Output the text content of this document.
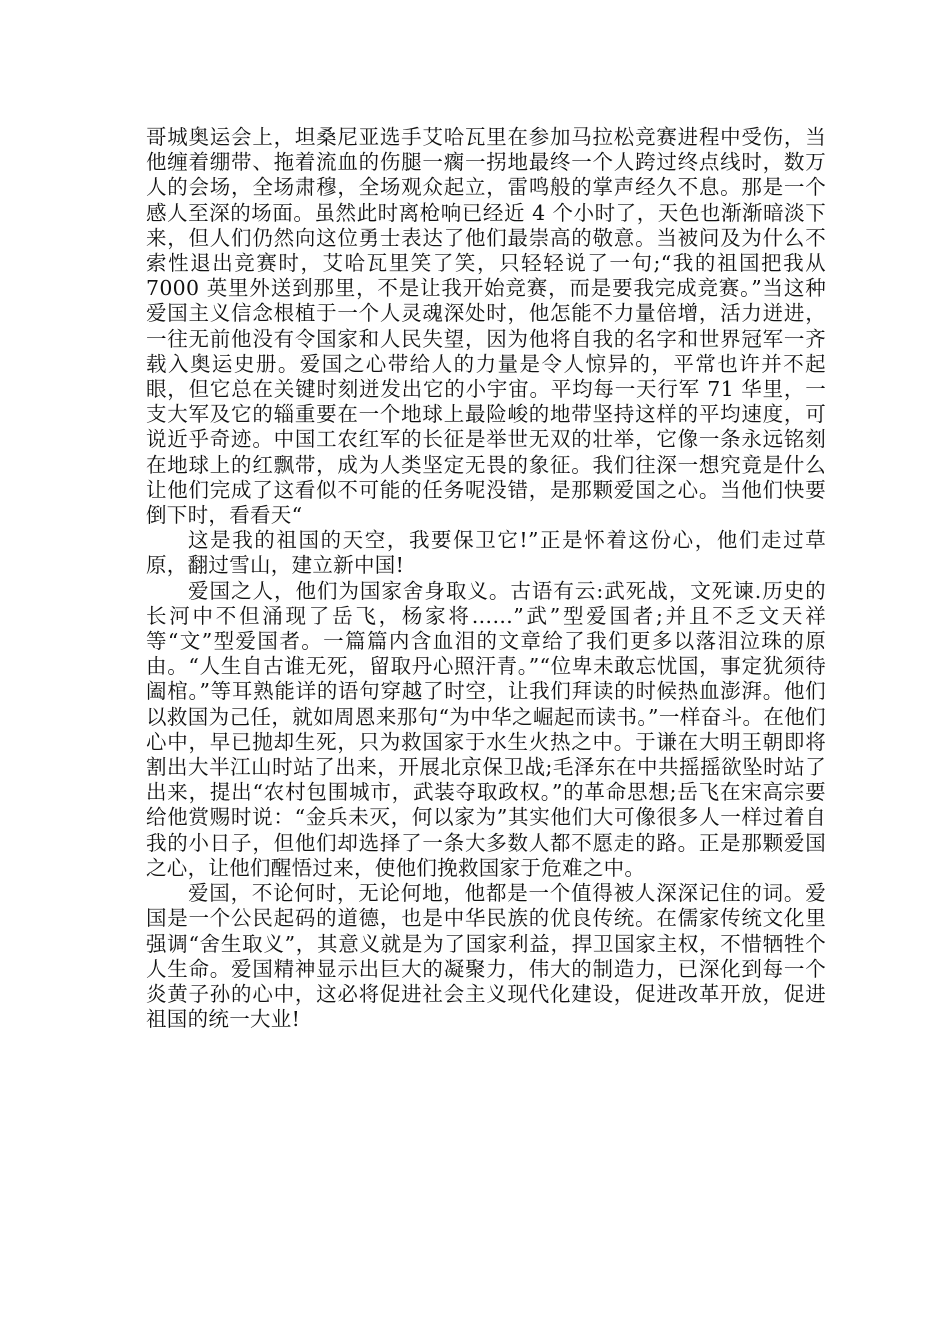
哥城奥运会上，坦桑尼亚选手艾哈瓦里在参加马拉松竞赛进程中受伤，当他缠着绷带、拖着流血的伤腿一瘸一拐地最终一个人跨过终点线时，数万人的会场，全场肃穆，全场观众起立，雷鸣般的掌声经久不息。那是一个感人至深的场面。虽然此时离枪响已经近 4 个小时了，天色也渐渐暗淡下来，但人们仍然向这位勇士表达了他们最崇高的敬意。当被问及为什么不索性退出竞赛时，艾哈瓦里笑了笑，只轻轻说了一句;“我的祖国把我从 7000 英里外送到那里，不是让我开始竞赛，而是要我完成竞赛。”当这种爱国主义信念根植于一个人灵魂深处时，他怎能不力量倍增，活力迸进，一往无前他没有令国家和人民失望，因为他将自我的名字和世界冠军一齐载入奥运史册。爱国之心带给人的力量是令人惊异的，平常也许并不起眼，但它总在关键时刻迸发出它的小宇宙。平均每一天行军 71 华里，一支大军及它的辎重要在一个地球上最险峻的地带坚持这样的平均速度，可说近乎奇迹。中国工农红军的长征是举世无双的壮举，它像一条永远铭刻在地球上的红飘带，成为人类坚定无畏的象征。我们往深一想究竟是什么让他们完成了这看似不可能的任务呢没错，是那颗爱国之心。当他们快要倒下时，看看天“

这是我的祖国的天空，我要保卫它!”正是怀着这份心，他们走过草原，翻过雪山，建立新中国!

爱国之人，他们为国家舍身取义。古语有云:武死战，文死谏.历史的长河中不但涌现了岳飞，杨家将……”武”型爱国者;并且不乏文天祥等“文”型爱国者。一篇篇内含血泪的文章给了我们更多以落泪泣珠的原由。“人生自古谁无死，留取丹心照汗青。”“位卑未敢忘忧国，事定犹须待阖棺。”等耳熟能详的语句穿越了时空，让我们拜读的时候热血澎湃。他们以救国为己任，就如周恩来那句“为中华之崛起而读书。”一样奋斗。在他们心中，早已抛却生死，只为救国家于水生火热之中。于谦在大明王朝即将割出大半江山时站了出来，开展北京保卫战;毛泽东在中共摇摇欲坠时站了出来，提出“农村包围城市，武装夺取政权。”的革命思想;岳飞在宋高宗要给他赏赐时说：“金兵未灭，何以家为”其实他们大可像很多人一样过着自我的小日子，但他们却选择了一条大多数人都不愿走的路。正是那颗爱国之心，让他们醒悟过来，使他们挽救国家于危难之中。

爱国，不论何时，无论何地，他都是一个值得被人深深记住的词。爱国是一个公民起码的道德，也是中华民族的优良传统。在儒家传统文化里强调“舍生取义”，其意义就是为了国家利益，捍卫国家主权，不惜牺牲个人生命。爱国精神显示出巨大的凝聚力，伟大的制造力，已深化到每一个炎黄子孙的心中，这必将促进社会主义现代化建设，促进改革开放，促进祖国的统一大业!
